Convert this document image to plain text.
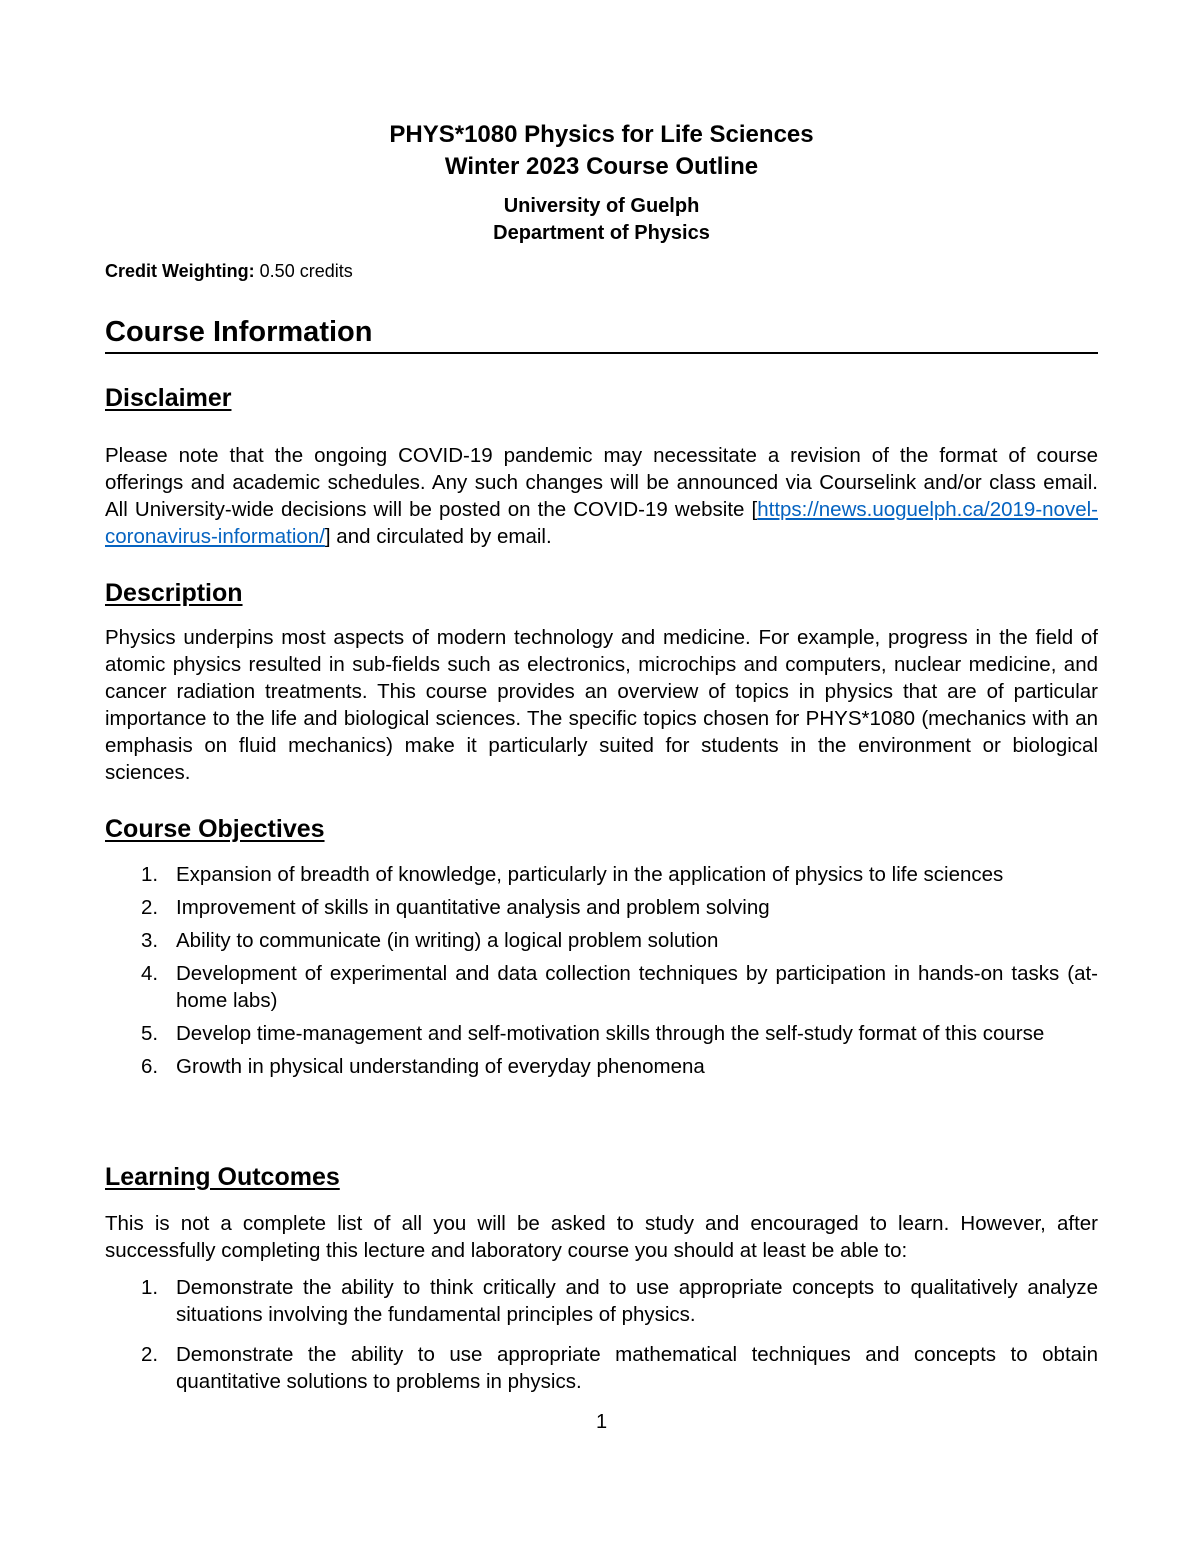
PHYS*1080 Physics for Life Sciences
Winter 2023 Course Outline
University of Guelph
Department of Physics
Credit Weighting: 0.50 credits
Course Information
Disclaimer
Please note that the ongoing COVID-19 pandemic may necessitate a revision of the format of course offerings and academic schedules. Any such changes will be announced via Courselink and/or class email. All University-wide decisions will be posted on the COVID-19 website [https://news.uoguelph.ca/2019-novel-coronavirus-information/] and circulated by email.
Description
Physics underpins most aspects of modern technology and medicine. For example, progress in the field of atomic physics resulted in sub-fields such as electronics, microchips and computers, nuclear medicine, and cancer radiation treatments. This course provides an overview of topics in physics that are of particular importance to the life and biological sciences. The specific topics chosen for PHYS*1080 (mechanics with an emphasis on fluid mechanics) make it particularly suited for students in the environment or biological sciences.
Course Objectives
1. Expansion of breadth of knowledge, particularly in the application of physics to life sciences
2. Improvement of skills in quantitative analysis and problem solving
3. Ability to communicate (in writing) a logical problem solution
4. Development of experimental and data collection techniques by participation in hands-on tasks (at-home labs)
5. Develop time-management and self-motivation skills through the self-study format of this course
6. Growth in physical understanding of everyday phenomena
Learning Outcomes
This is not a complete list of all you will be asked to study and encouraged to learn. However, after successfully completing this lecture and laboratory course you should at least be able to:
1. Demonstrate the ability to think critically and to use appropriate concepts to qualitatively analyze situations involving the fundamental principles of physics.
2. Demonstrate the ability to use appropriate mathematical techniques and concepts to obtain quantitative solutions to problems in physics.
1
